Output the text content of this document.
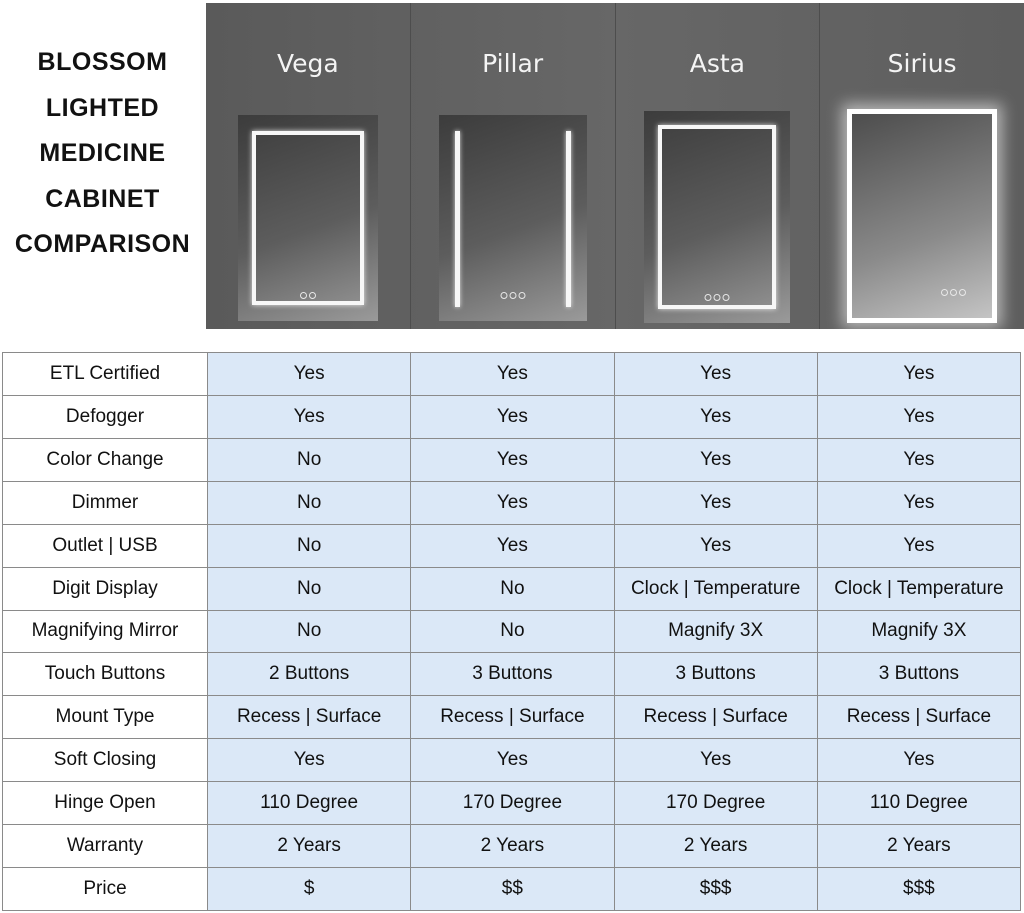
BLOSSOM
LIGHTED
MEDICINE
CABINET
COMPARISON
Vega	Pillar	Asta	Sirius
ETL Certified	Yes	Yes	Yes	Yes
Defogger	Yes	Yes	Yes	Yes
Color Change	No	Yes	Yes	Yes
Dimmer	No	Yes	Yes	Yes
Outlet | USB	No	Yes	Yes	Yes
Digit Display	No	No	Clock | Temperature	Clock | Temperature
Magnifying Mirror	No	No	Magnify 3X	Magnify 3X
Touch Buttons	2 Buttons	3 Buttons	3 Buttons	3 Buttons
Mount Type	Recess | Surface	Recess | Surface	Recess | Surface	Recess | Surface
Soft Closing	Yes	Yes	Yes	Yes
Hinge Open	110 Degree	170 Degree	170 Degree	110 Degree
Warranty	2 Years	2 Years	2 Years	2 Years
Price	$	$$	$$$	$$$
